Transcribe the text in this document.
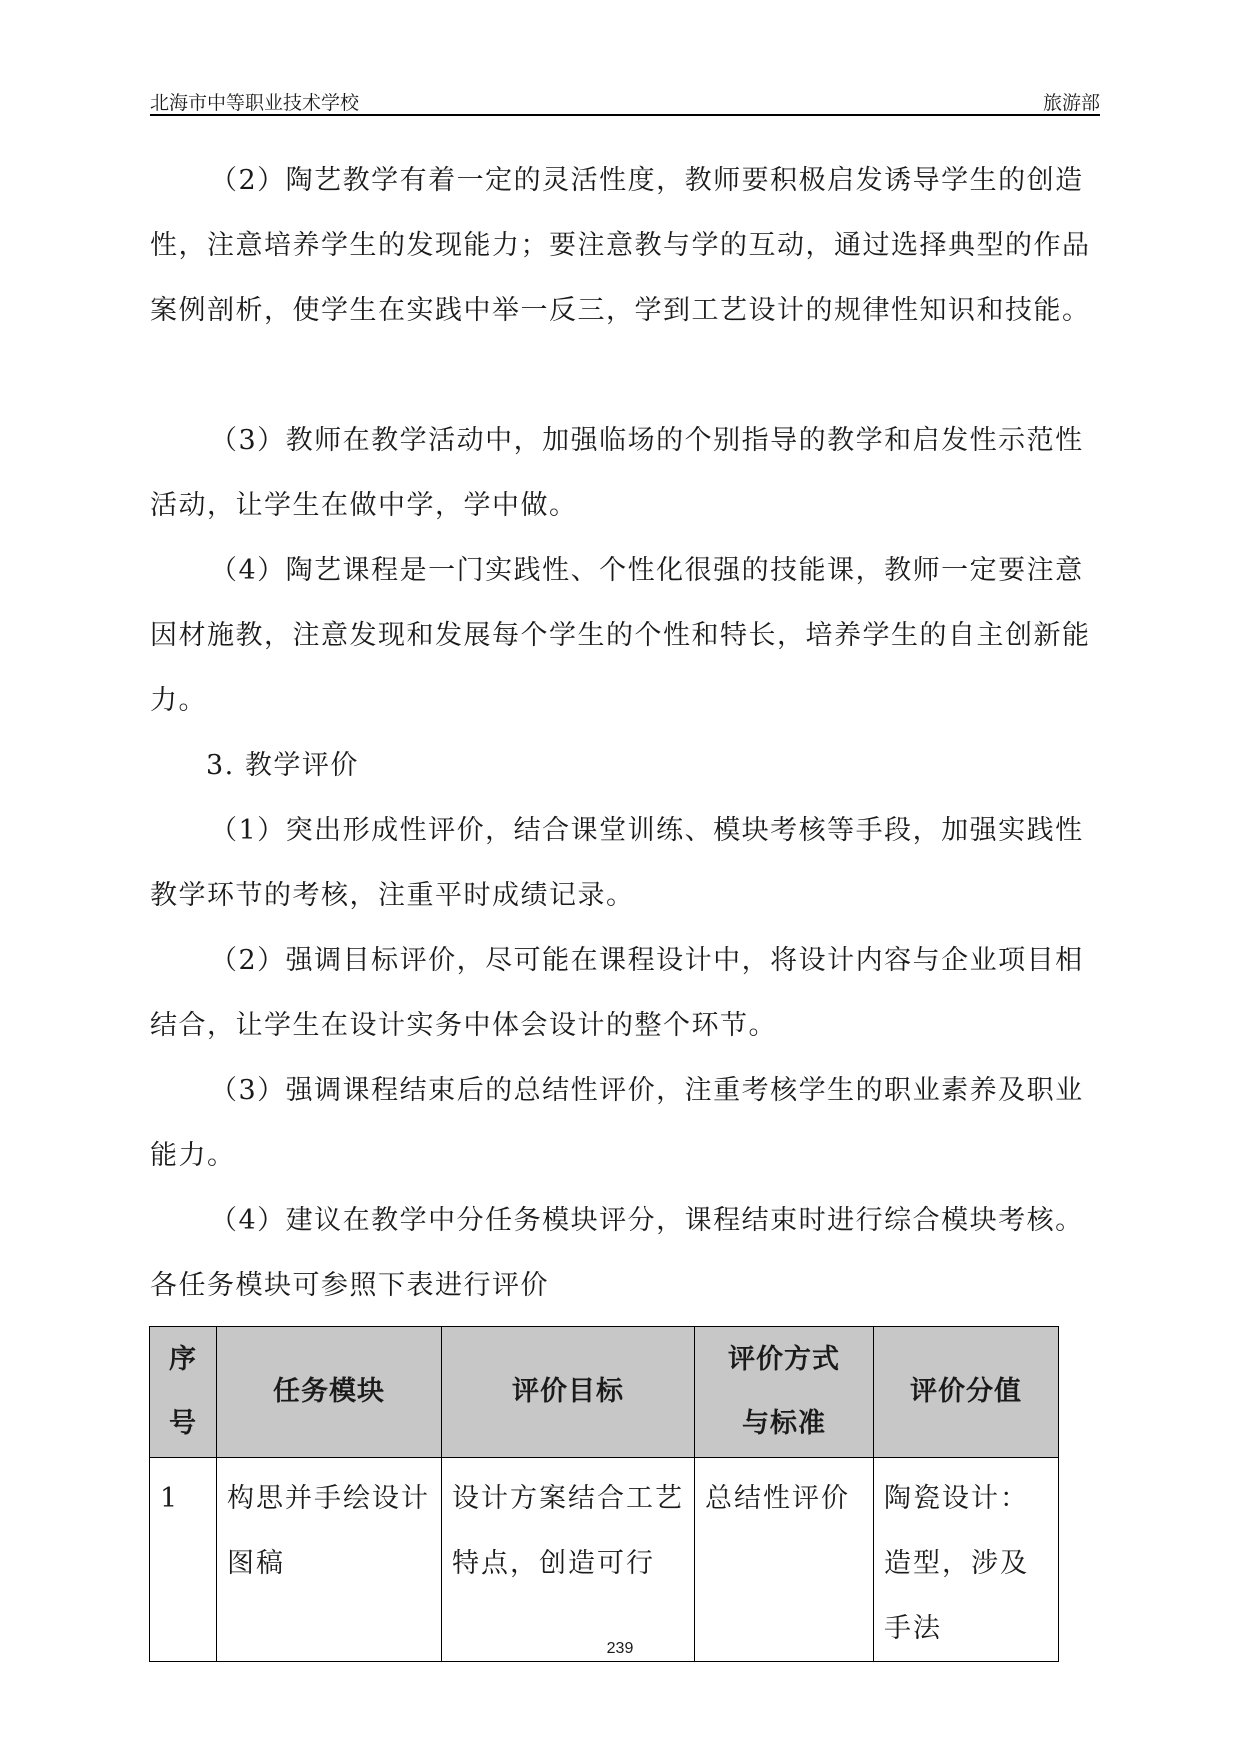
北海市中等职业技术学校	旅游部

（2）陶艺教学有着一定的灵活性度，教师要积极启发诱导学生的创造性，注意培养学生的发现能力；要注意教与学的互动，通过选择典型的作品案例剖析，使学生在实践中举一反三，学到工艺设计的规律性知识和技能。

（3）教师在教学活动中，加强临场的个别指导的教学和启发性示范性活动，让学生在做中学，学中做。

（4）陶艺课程是一门实践性、个性化很强的技能课，教师一定要注意因材施教，注意发现和发展每个学生的个性和特长，培养学生的自主创新能力。

3. 教学评价

（1）突出形成性评价，结合课堂训练、模块考核等手段，加强实践性教学环节的考核，注重平时成绩记录。

（2）强调目标评价，尽可能在课程设计中，将设计内容与企业项目相结合，让学生在设计实务中体会设计的整个环节。

（3）强调课程结束后的总结性评价，注重考核学生的职业素养及职业能力。

（4）建议在教学中分任务模块评分，课程结束时进行综合模块考核。各任务模块可参照下表进行评价

序号	任务模块	评价目标	评价方式与标准	评价分值
1	构思并手绘设计图稿	设计方案结合工艺特点，创造可行	总结性评价	陶瓷设计：造型，涉及手法
239
